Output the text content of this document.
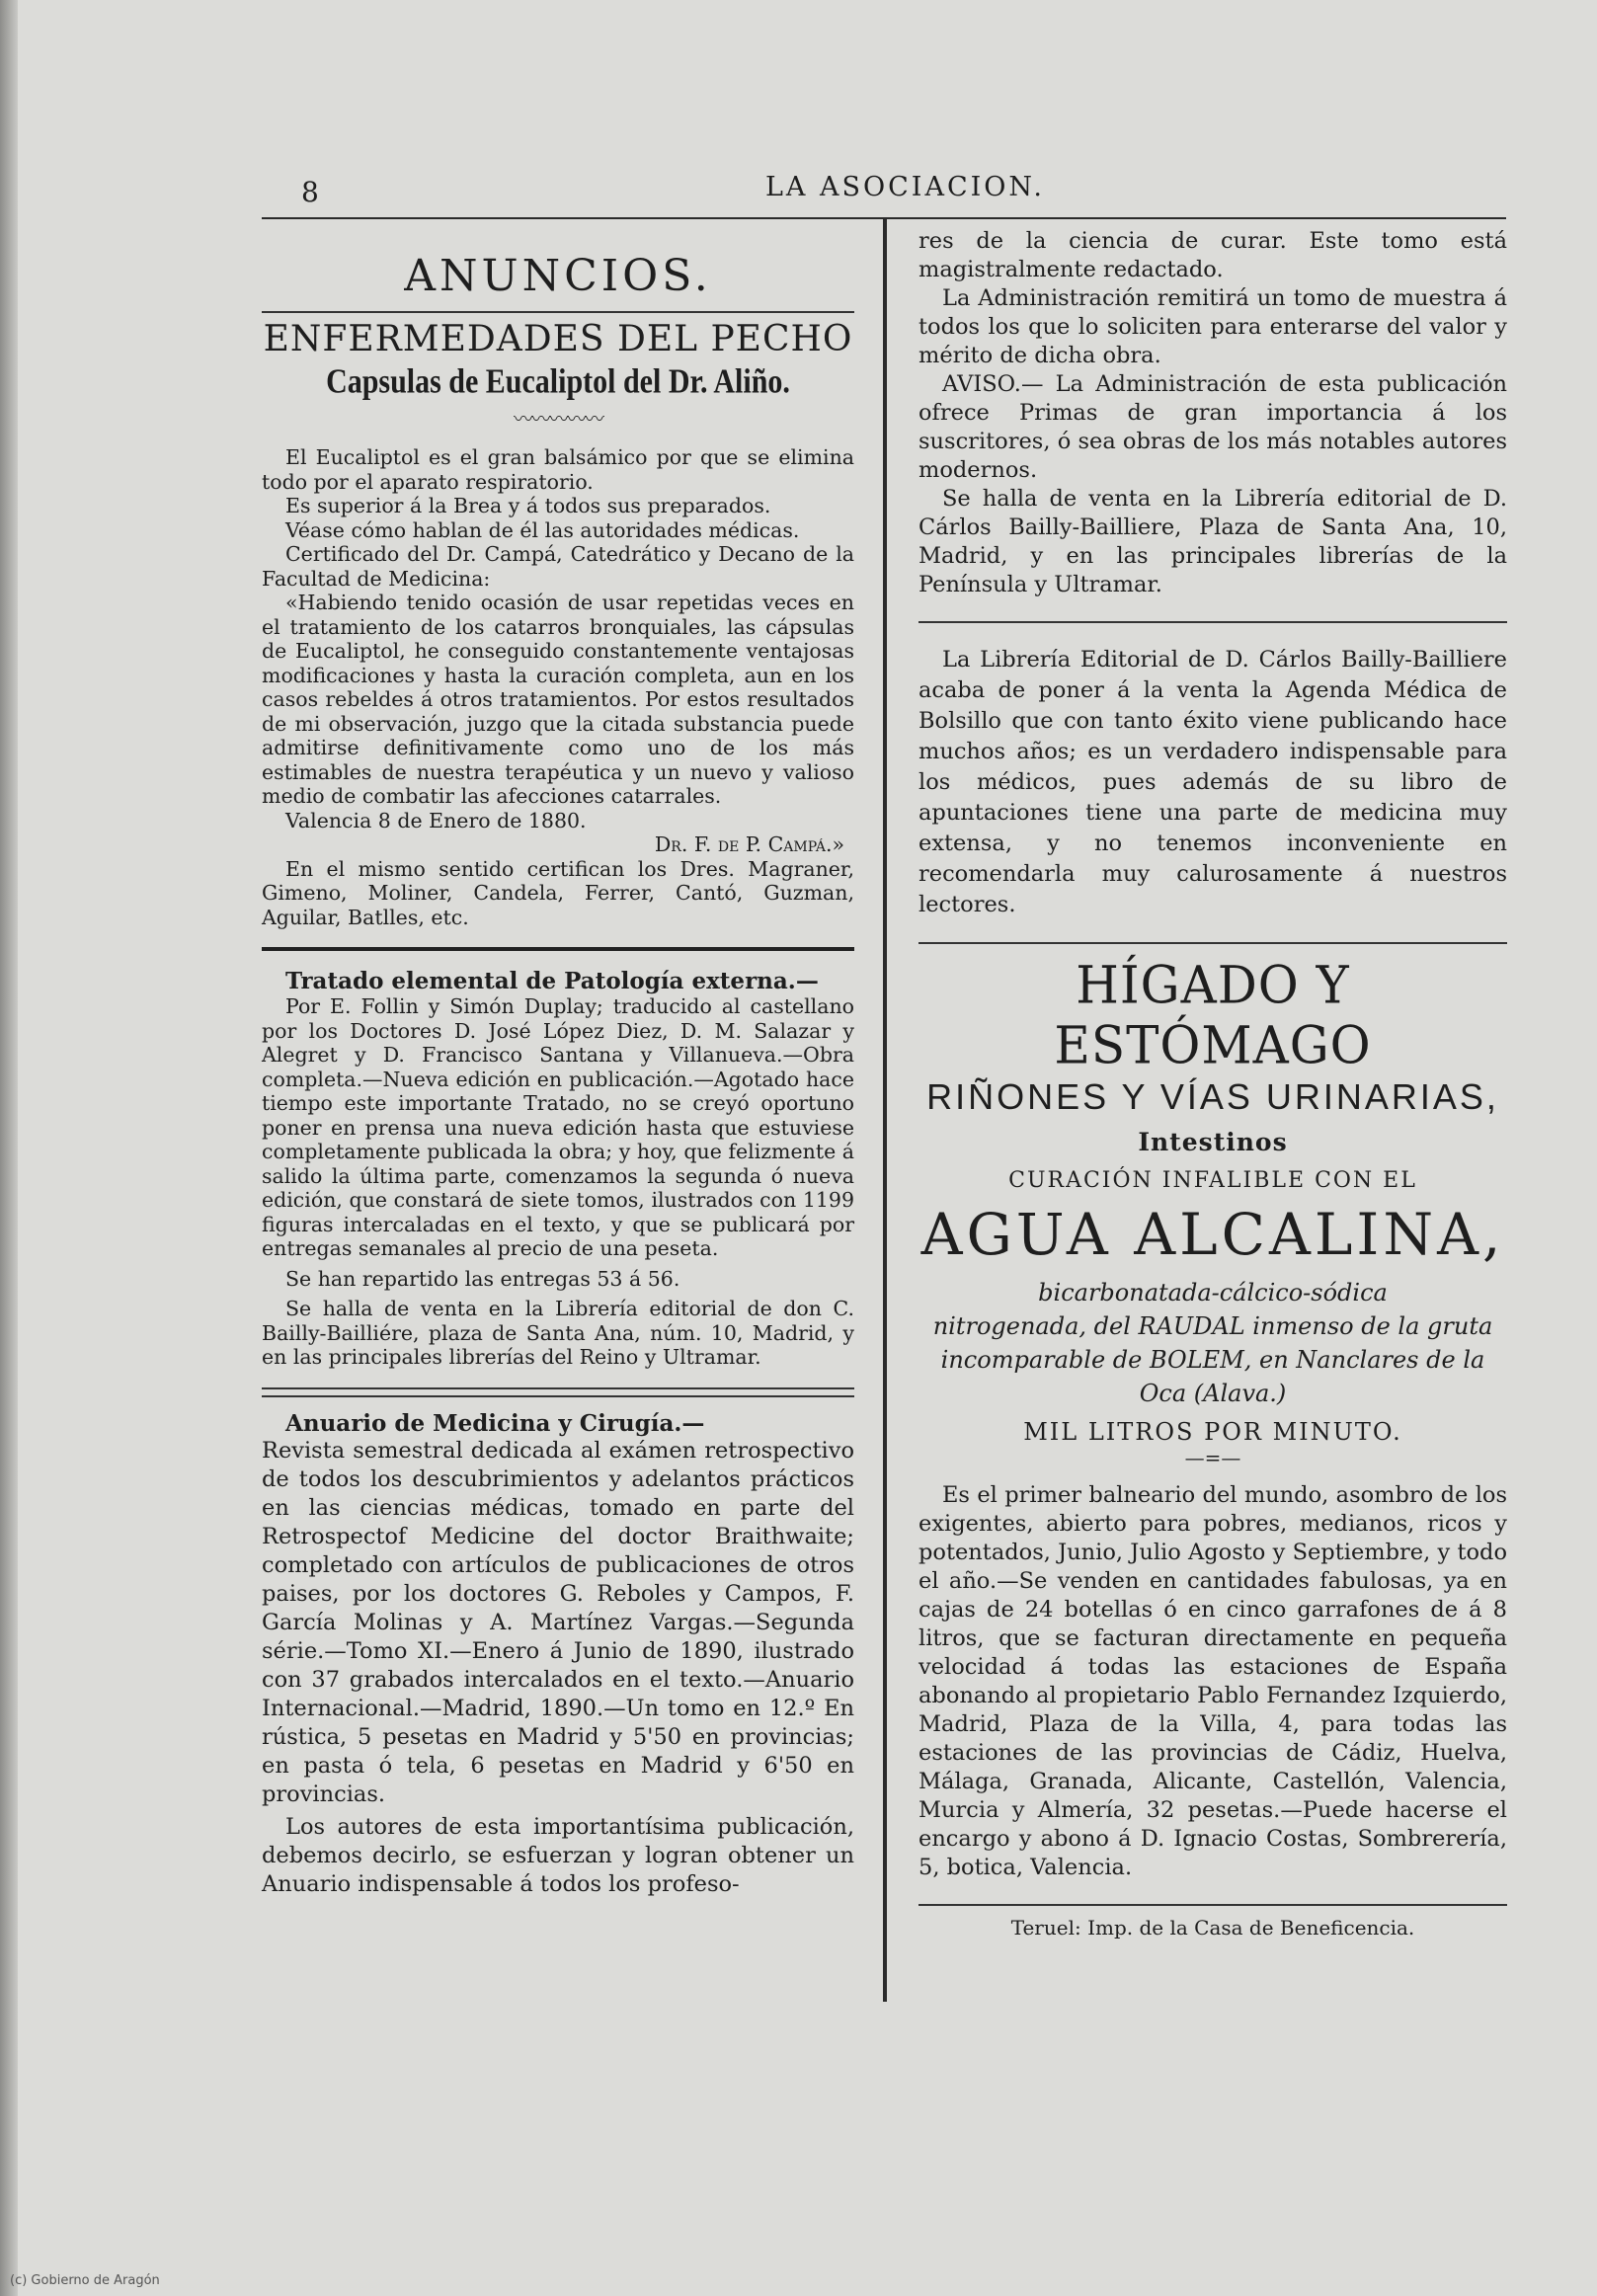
8	LA ASOCIACION.
ANUNCIOS.
ENFERMEDADES DEL PECHO
Capsulas de Eucaliptol del Dr. Aliño.
〰〰〰〰〰

El Eucaliptol es el gran balsámico por que se elimina todo por el aparato respiratorio.

Es superior á la Brea y á todos sus preparados.

Véase cómo hablan de él las autoridades médicas.

Certificado del Dr. Campá, Catedrático y Decano de la Facultad de Medicina:

«Habiendo tenido ocasión de usar repetidas veces en el tratamiento de los catarros bronquiales, las cápsulas de Eucaliptol, he conseguido constantemente ventajosas modificaciones y hasta la curación completa, aun en los casos rebeldes á otros tratamientos. Por estos resultados de mi observación, juzgo que la citada substancia puede admitirse definitivamente como uno de los más estimables de nuestra terapéutica y un nuevo y valioso medio de combatir las afecciones catarrales.

Valencia 8 de Enero de 1880.

Dr. F. de P. Campá.»

En el mismo sentido certifican los Dres. Magraner, Gimeno, Moliner, Candela, Ferrer, Cantó, Guzman, Aguilar, Batlles, etc.

Tratado elemental de Patología externa.—

Por E. Follin y Simón Duplay; traducido al castellano por los Doctores D. José López Diez, D. M. Salazar y Alegret y D. Francisco Santana y Villanueva.—Obra completa.—Nueva edición en publicación.—Agotado hace tiempo este importante Tratado, no se creyó oportuno poner en prensa una nueva edición hasta que estuviese completamente publicada la obra; y hoy, que felizmente á salido la última parte, comenzamos la segunda ó nueva edición, que constará de siete tomos, ilustrados con 1199 figuras intercaladas en el texto, y que se publicará por entregas semanales al precio de una peseta.

Se han repartido las entregas 53 á 56.

Se halla de venta en la Librería editorial de don C. Bailly-Bailliére, plaza de Santa Ana, núm. 10, Madrid, y en las principales librerías del Reino y Ultramar.

Anuario de Medicina y Cirugía.—

Revista semestral dedicada al exámen retrospectivo de todos los descubrimientos y adelantos prácticos en las ciencias médicas, tomado en parte del Retrospectof Medicine del doctor Braithwaite; completado con artículos de publicaciones de otros paises, por los doctores G. Reboles y Campos, F. García Molinas y A. Martínez Vargas.—Segunda série.—Tomo XI.—Enero á Junio de 1890, ilustrado con 37 grabados intercalados en el texto.—Anuario Internacional.—Madrid, 1890.—Un tomo en 12.º En rústica, 5 pesetas en Madrid y 5'50 en provincias; en pasta ó tela, 6 pesetas en Madrid y 6'50 en provincias.

Los autores de esta importantísima publicación, debemos decirlo, se esfuerzan y logran obtener un Anuario indispensable á todos los profeso-

res de la ciencia de curar. Este tomo está magistralmente redactado.

La Administración remitirá un tomo de muestra á todos los que lo soliciten para enterarse del valor y mérito de dicha obra.

AVISO.— La Administración de esta publicación ofrece Primas de gran importancia á los suscritores, ó sea obras de los más notables autores modernos.

Se halla de venta en la Librería editorial de D. Cárlos Bailly-Bailliere, Plaza de Santa Ana, 10, Madrid, y en las principales librerías de la Península y Ultramar.

La Librería Editorial de D. Cárlos Bailly-Bailliere acaba de poner á la venta la Agenda Médica de Bolsillo que con tanto éxito viene publicando hace muchos años; es un verdadero indispensable para los médicos, pues además de su libro de apuntaciones tiene una parte de medicina muy extensa, y no tenemos inconveniente en recomendarla muy calurosamente á nuestros lectores.

HÍGADO Y ESTÓMAGO
RIÑONES Y VÍAS URINARIAS,
Intestinos
CURACIÓN INFALIBLE CON EL
AGUA ALCALINA,
bicarbonatada-cálcico-sódica
nitrogenada, del RAUDAL inmenso de la gruta
incomparable de BOLEM, en Nanclares de la Oca (Alava.)
MIL LITROS POR MINUTO.
—=—

Es el primer balneario del mundo, asombro de los exigentes, abierto para pobres, medianos, ricos y potentados, Junio, Julio Agosto y Septiembre, y todo el año.—Se venden en cantidades fabulosas, ya en cajas de 24 botellas ó en cinco garrafones de á 8 litros, que se facturan directamente en pequeña velocidad á todas las estaciones de España abonando al propietario Pablo Fernandez Izquierdo, Madrid, Plaza de la Villa, 4, para todas las estaciones de las provincias de Cádiz, Huelva, Málaga, Granada, Alicante, Castellón, Valencia, Murcia y Almería, 32 pesetas.—Puede hacerse el encargo y abono á D. Ignacio Costas, Sombrerería, 5, botica, Valencia.

Teruel: Imp. de la Casa de Beneficencia.
(c) Gobierno de Aragón
